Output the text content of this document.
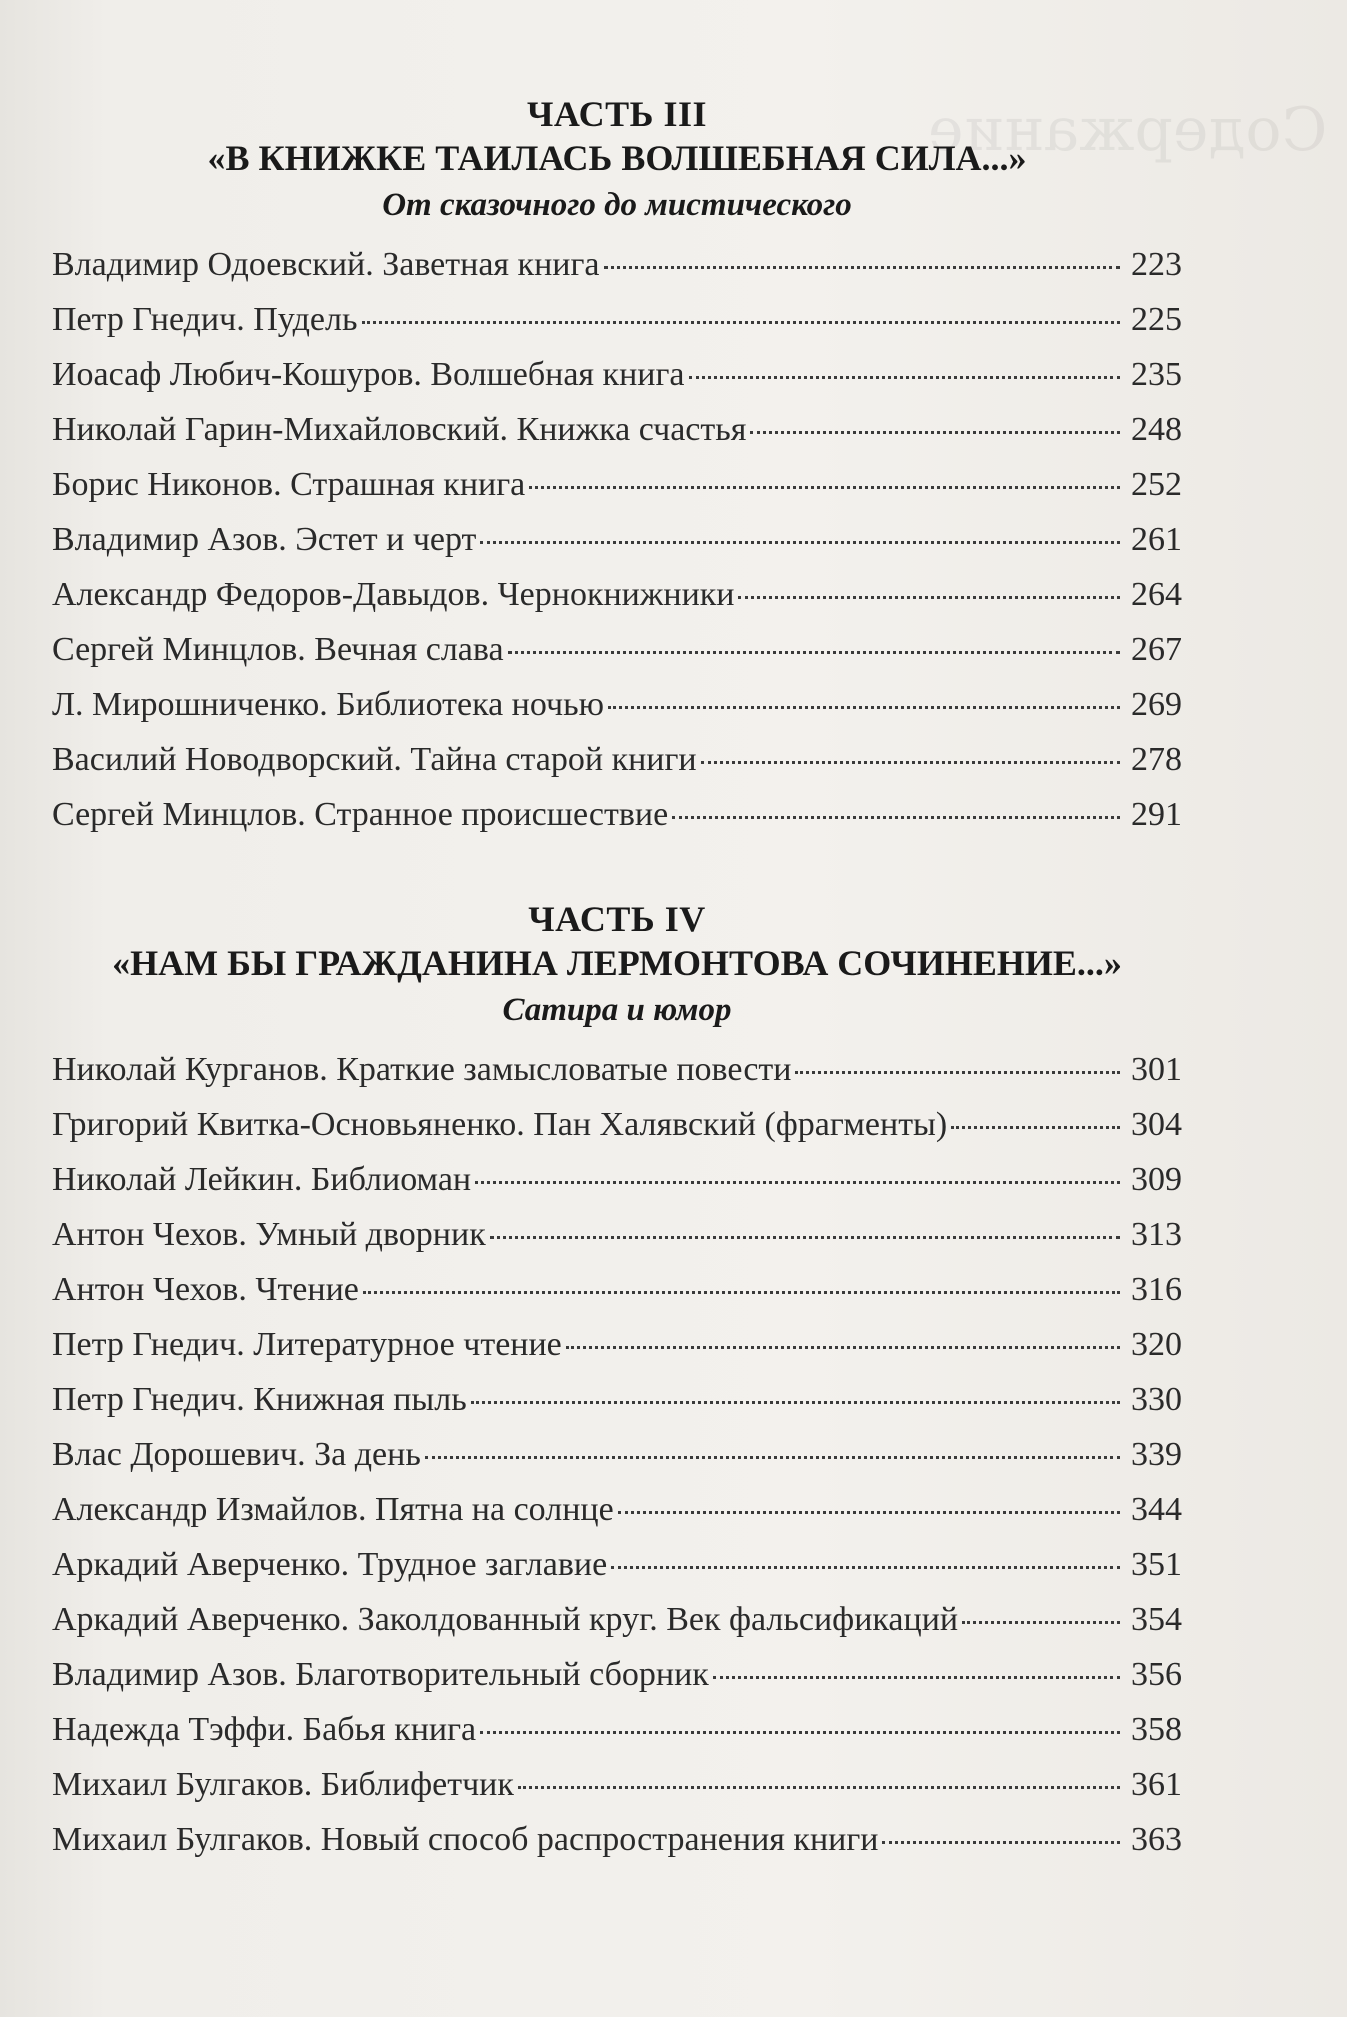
Содержание
ЧАСТЬ III
«В КНИЖКЕ ТАИЛАСЬ ВОЛШЕБНАЯ СИЛА...»
От сказочного до мистического
Владимир Одоевский. Заветная книга	223
Петр Гнедич. Пудель	225
Иоасаф Любич-Кошуров. Волшебная книга	235
Николай Гарин-Михайловский. Книжка счастья	248
Борис Никонов. Страшная книга	252
Владимир Азов. Эстет и черт	261
Александр Федоров-Давыдов. Чернокнижники	264
Сергей Минцлов. Вечная слава	267
Л. Мирошниченко. Библиотека ночью	269
Василий Новодворский. Тайна старой книги	278
Сергей Минцлов. Странное происшествие	291
ЧАСТЬ IV
«НАМ БЫ ГРАЖДАНИНА ЛЕРМОНТОВА СОЧИНЕНИЕ...»
Сатира и юмор
Николай Курганов. Краткие замысловатые повести	301
Григорий Квитка-Основьяненко. Пан Халявский (фрагменты)	304
Николай Лейкин. Библиоман	309
Антон Чехов. Умный дворник	313
Антон Чехов. Чтение	316
Петр Гнедич. Литературное чтение	320
Петр Гнедич. Книжная пыль	330
Влас Дорошевич. За день	339
Александр Измайлов. Пятна на солнце	344
Аркадий Аверченко. Трудное заглавие	351
Аркадий Аверченко. Заколдованный круг. Век фальсификаций	354
Владимир Азов. Благотворительный сборник	356
Надежда Тэффи. Бабья книга	358
Михаил Булгаков. Библифетчик	361
Михаил Булгаков. Новый способ распространения книги	363
